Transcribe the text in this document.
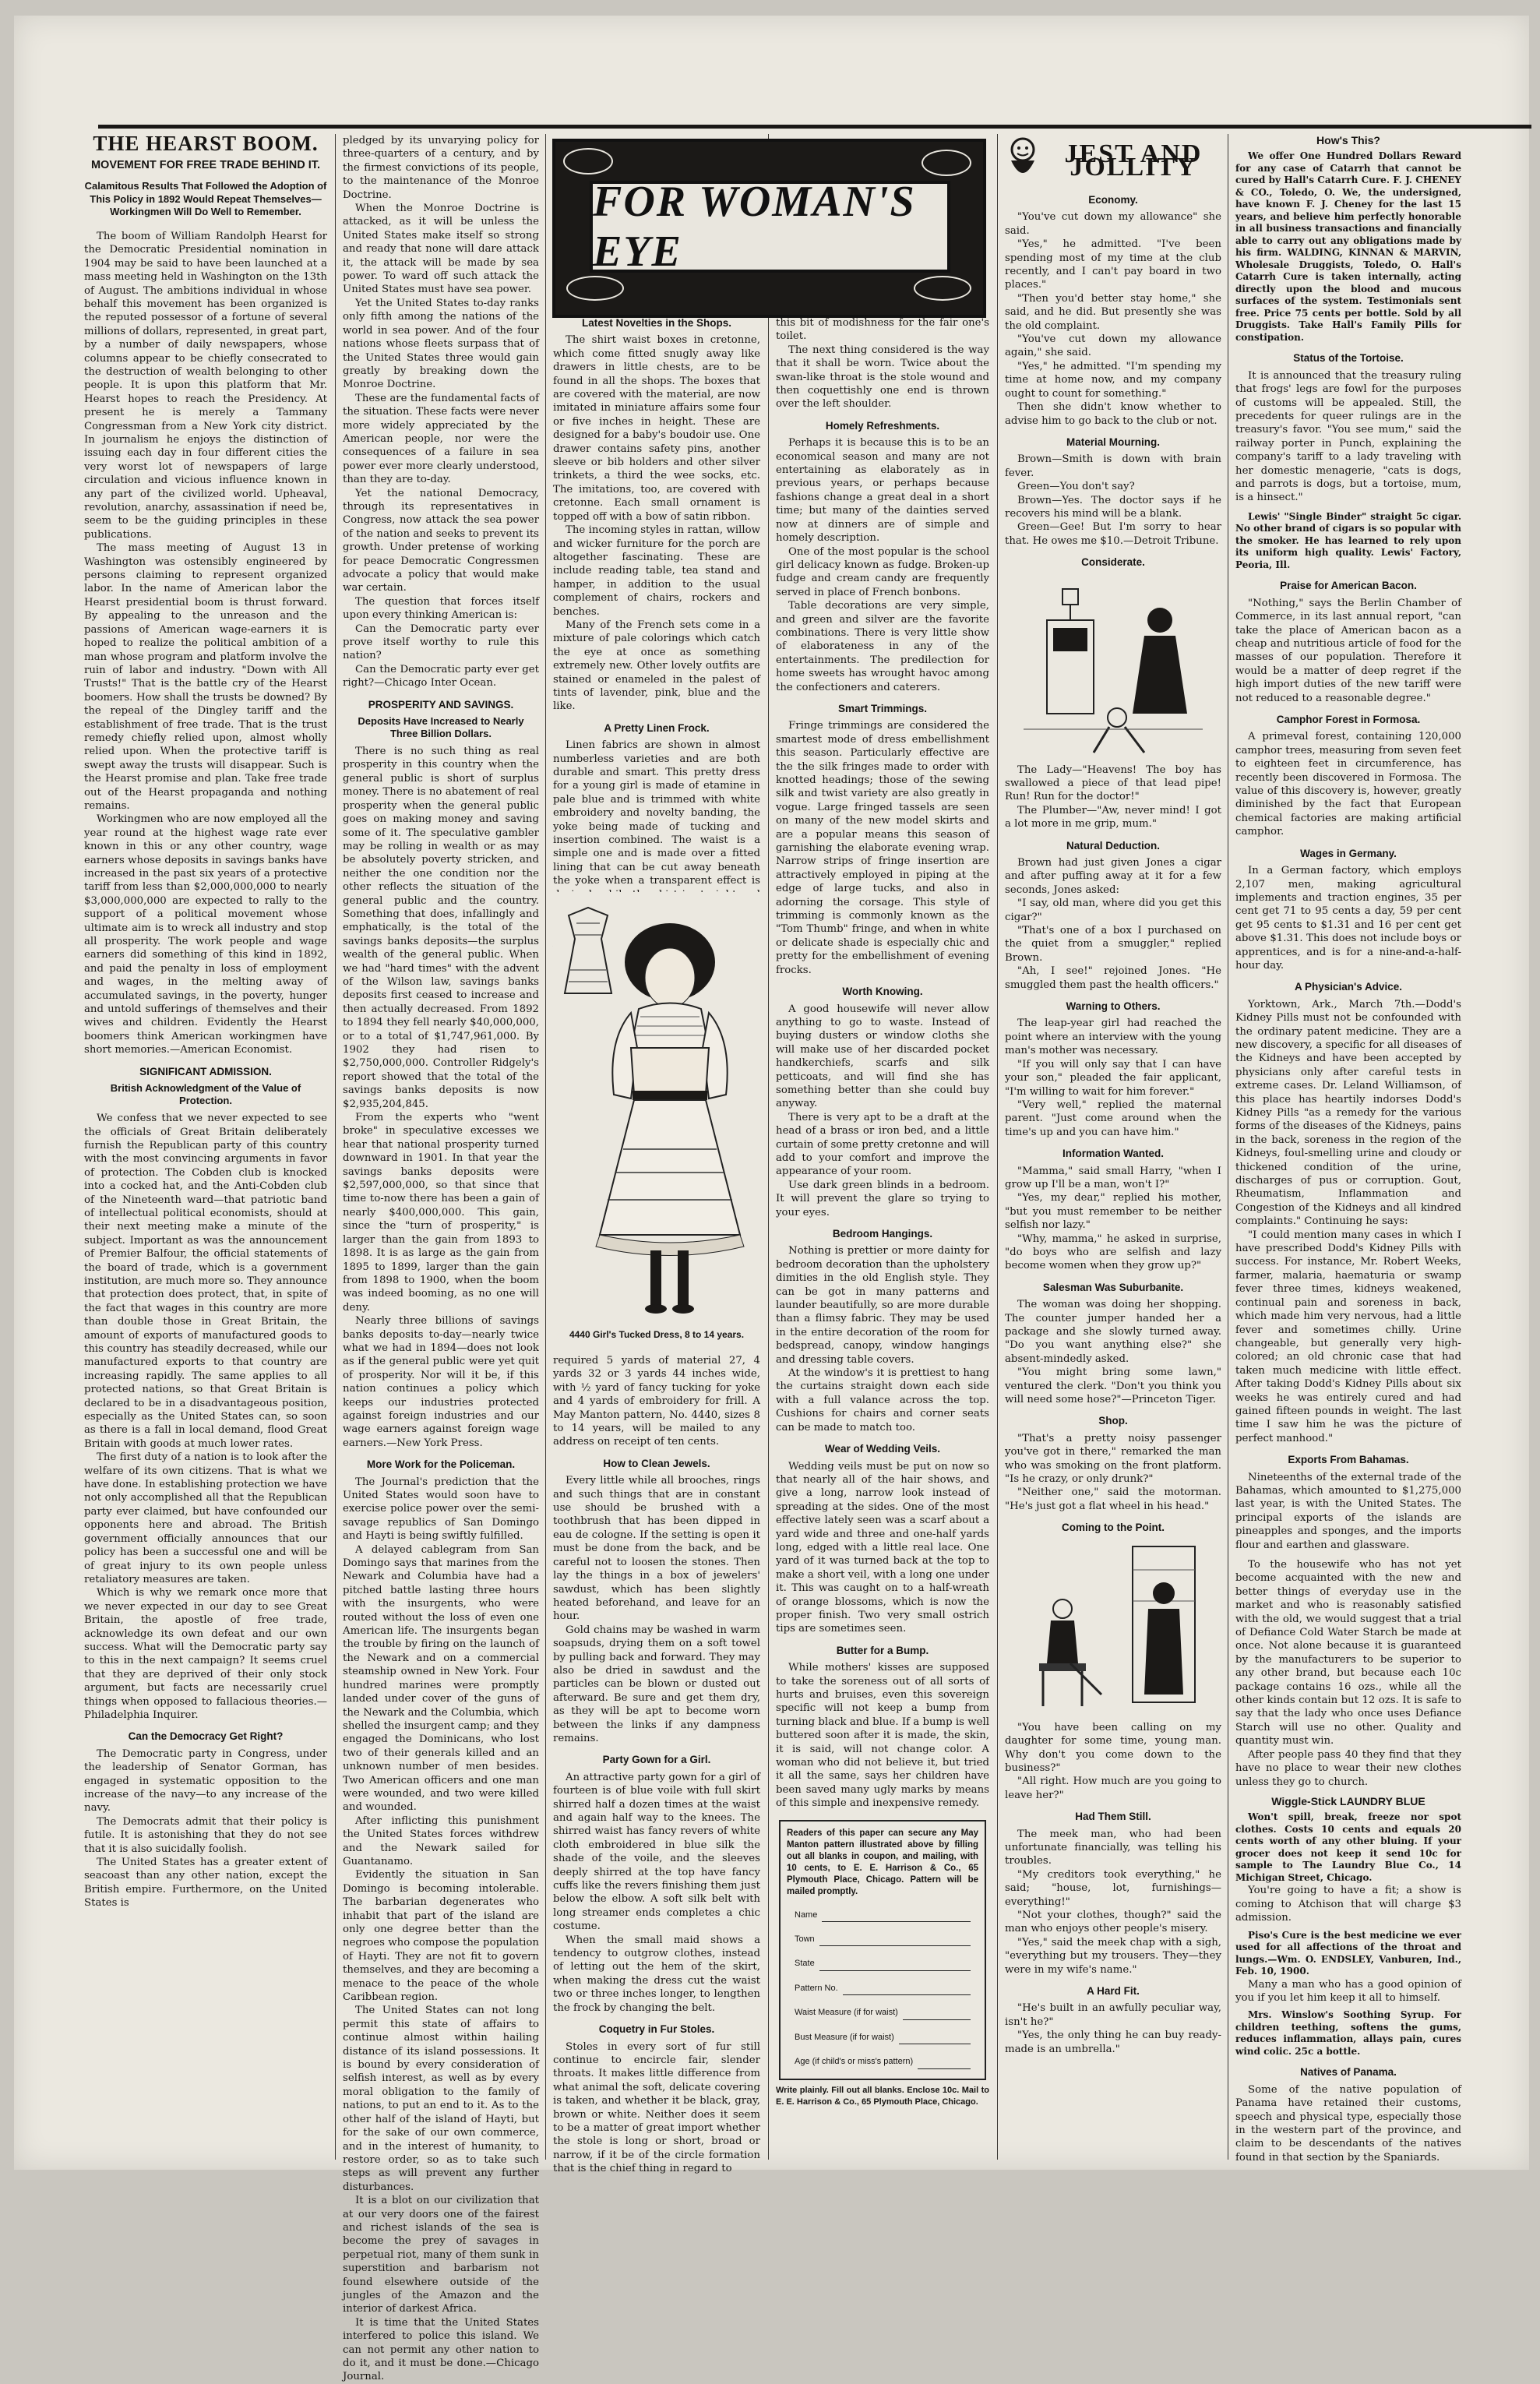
THE HEARST BOOM.
MOVEMENT FOR FREE TRADE BEHIND IT.
Calamitous Results That Followed the Adoption of This Policy in 1892 Would Repeat Themselves—Workingmen Will Do Well to Remember.

The boom of William Randolph Hearst for the Democratic Presidential nomination in 1904 may be said to have been launched at a mass meeting held in Washington on the 13th of August. The ambitions individual in whose behalf this movement has been organized is the reputed possessor of a fortune of several millions of dollars, represented, in great part, by a number of daily newspapers, whose columns appear to be chiefly consecrated to the destruction of wealth belonging to other people. It is upon this platform that Mr. Hearst hopes to reach the Presidency. At present he is merely a Tammany Congressman from a New York city district. In journalism he enjoys the distinction of issuing each day in four different cities the very worst lot of newspapers of large circulation and vicious influence known in any part of the civilized world. Upheaval, revolution, anarchy, assassination if need be, seem to be the guiding principles in these publications.

The mass meeting of August 13 in Washington was ostensibly engineered by persons claiming to represent organized labor. In the name of American labor the Hearst presidential boom is thrust forward. By appealing to the unreason and the passions of American wage-earners it is hoped to realize the political ambition of a man whose program and platform involve the ruin of labor and industry. "Down with All Trusts!" That is the battle cry of the Hearst boomers. How shall the trusts be downed? By the repeal of the Dingley tariff and the establishment of free trade. That is the trust remedy chiefly relied upon, almost wholly relied upon. When the protective tariff is swept away the trusts will disappear. Such is the Hearst promise and plan. Take free trade out of the Hearst propaganda and nothing remains.

Workingmen who are now employed all the year round at the highest wage rate ever known in this or any other country, wage earners whose deposits in savings banks have increased in the past six years of a protective tariff from less than $2,000,000,000 to nearly $3,000,000,000 are expected to rally to the support of a political movement whose ultimate aim is to wreck all industry and stop all prosperity. The work people and wage earners did something of this kind in 1892, and paid the penalty in loss of employment and wages, in the melting away of accumulated savings, in the poverty, hunger and untold sufferings of themselves and their wives and children. Evidently the Hearst boomers think American workingmen have short memories.—American Economist.

SIGNIFICANT ADMISSION.
British Acknowledgment of the Value of Protection.

We confess that we never expected to see the officials of Great Britain deliberately furnish the Republican party of this country with the most convincing arguments in favor of protection. The Cobden club is knocked into a cocked hat, and the Anti-Cobden club of the Nineteenth ward—that patriotic band of intellectual political economists, should at their next meeting make a minute of the subject. Important as was the announcement of Premier Balfour, the official statements of the board of trade, which is a government institution, are much more so. They announce that protection does protect, that, in spite of the fact that wages in this country are more than double those in Great Britain, the amount of exports of manufactured goods to this country has steadily decreased, while our manufactured exports to that country are increasing rapidly. The same applies to all protected nations, so that Great Britain is declared to be in a disadvantageous position, especially as the United States can, so soon as there is a fall in local demand, flood Great Britain with goods at much lower rates.

The first duty of a nation is to look after the welfare of its own citizens. That is what we have done. In establishing protection we have not only accomplished all that the Republican party ever claimed, but have confounded our opponents here and abroad. The British government officially announces that our policy has been a successful one and will be of great injury to its own people unless retaliatory measures are taken.

Which is why we remark once more that we never expected in our day to see Great Britain, the apostle of free trade, acknowledge its own defeat and our own success. What will the Democratic party say to this in the next campaign? It seems cruel that they are deprived of their only stock argument, but facts are necessarily cruel things when opposed to fallacious theories.—Philadelphia Inquirer.

Can the Democracy Get Right?

The Democratic party in Congress, under the leadership of Senator Gorman, has engaged in systematic opposition to the increase of the navy—to any increase of the navy.

The Democrats admit that their policy is futile. It is astonishing that they do not see that it is also suicidally foolish.

The United States has a greater extent of seacoast than any other nation, except the British empire. Furthermore, on the United States is

pledged by its unvarying policy for three-quarters of a century, and by the firmest convictions of its people, to the maintenance of the Monroe Doctrine.

When the Monroe Doctrine is attacked, as it will be unless the United States make itself so strong and ready that none will dare attack it, the attack will be made by sea power. To ward off such attack the United States must have sea power.

Yet the United States to-day ranks only fifth among the nations of the world in sea power. And of the four nations whose fleets surpass that of the United States three would gain greatly by breaking down the Monroe Doctrine.

These are the fundamental facts of the situation. These facts were never more widely appreciated by the American people, nor were the consequences of a failure in sea power ever more clearly understood, than they are to-day.

Yet the national Democracy, through its representatives in Congress, now attack the sea power of the nation and seeks to prevent its growth. Under pretense of working for peace Democratic Congressmen advocate a policy that would make war certain.

The question that forces itself upon every thinking American is:

Can the Democratic party ever prove itself worthy to rule this nation?

Can the Democratic party ever get right?—Chicago Inter Ocean.

PROSPERITY AND SAVINGS.
Deposits Have Increased to Nearly Three Billion Dollars.

There is no such thing as real prosperity in this country when the general public is short of surplus money. There is no abatement of real prosperity when the general public goes on making money and saving some of it. The speculative gambler may be rolling in wealth or as may be absolutely poverty stricken, and neither the one condition nor the other reflects the situation of the general public and the country. Something that does, infallingly and emphatically, is the total of the savings banks deposits—the surplus wealth of the general public. When we had "hard times" with the advent of the Wilson law, savings banks deposits first ceased to increase and then actually decreased. From 1892 to 1894 they fell nearly $40,000,000, or to a total of $1,747,961,000. By 1902 they had risen to $2,750,000,000. Controller Ridgely's report showed that the total of the savings banks deposits is now $2,935,204,845.

From the experts who "went broke" in speculative excesses we hear that national prosperity turned downward in 1901. In that year the savings banks deposits were $2,597,000,000, so that since that time to-now there has been a gain of nearly $400,000,000. This gain, since the "turn of prosperity," is larger than the gain from 1893 to 1898. It is as large as the gain from 1895 to 1899, larger than the gain from 1898 to 1900, when the boom was indeed booming, as no one will deny.

Nearly three billions of savings banks deposits to-day—nearly twice what we had in 1894—does not look as if the general public were yet quit of prosperity. Nor will it be, if this nation continues a policy which keeps our industries protected against foreign industries and our wage earners against foreign wage earners.—New York Press.

More Work for the Policeman.

The Journal's prediction that the United States would soon have to exercise police power over the semi-savage republics of San Domingo and Hayti is being swiftly fulfilled.

A delayed cablegram from San Domingo says that marines from the Newark and Columbia have had a pitched battle lasting three hours with the insurgents, who were routed without the loss of even one American life. The insurgents began the trouble by firing on the launch of the Newark and on a commercial steamship owned in New York. Four hundred marines were promptly landed under cover of the guns of the Newark and the Columbia, which shelled the insurgent camp; and they engaged the Dominicans, who lost two of their generals killed and an unknown number of men besides. Two American officers and one man were wounded, and two were killed and wounded.

After inflicting this punishment the United States forces withdrew and the Newark sailed for Guantanamo.

Evidently the situation in San Domingo is becoming intolerable. The barbarian degenerates who inhabit that part of the island are only one degree better than the negroes who compose the population of Hayti. They are not fit to govern themselves, and they are becoming a menace to the peace of the whole Caribbean region.

The United States can not long permit this state of affairs to continue almost within hailing distance of its island possessions. It is bound by every consideration of selfish interest, as well as by every moral obligation to the family of nations, to put an end to it. As to the other half of the island of Hayti, but for the sake of our own commerce, and in the interest of humanity, to restore order, so as to take such steps as will prevent any further disturbances.

It is a blot on our civilization that at our very doors one of the fairest and richest islands of the sea is become the prey of savages in perpetual riot, many of them sunk in superstition and barbarism not found elsewhere outside of the jungles of the Amazon and the interior of darkest Africa.

It is time that the United States interfered to police this island. We can not permit any other nation to do it, and it must be done.—Chicago Journal.

FOR WOMAN'S EYE
Latest Novelties in the Shops.

The shirt waist boxes in cretonne, which come fitted snugly away like drawers in little chests, are to be found in all the shops. The boxes that are covered with the material, are now imitated in miniature affairs some four or five inches in height. These are designed for a baby's boudoir use. One drawer contains safety pins, another sleeve or bib holders and other silver trinkets, a third the wee socks, etc. The imitations, too, are covered with cretonne. Each small ornament is topped off with a bow of satin ribbon.

The incoming styles in rattan, willow and wicker furniture for the porch are altogether fascinating. These are include reading table, tea stand and hamper, in addition to the usual complement of chairs, rockers and benches.

Many of the French sets come in a mixture of pale colorings which catch the eye at once as something extremely new. Other lovely outfits are stained or enameled in the palest of tints of lavender, pink, blue and the like.

A Pretty Linen Frock.

Linen fabrics are shown in almost numberless varieties and are both durable and smart. This pretty dress for a young girl is made of etamine in pale blue and is trimmed with white embroidery and novelty banding, the yoke being made of tucking and insertion combined. The waist is a simple one and is made over a fitted lining that can be cut away beneath the yoke when a transparent effect is

4440 Girl's Tucked Dress, 8 to 14 years.

required 5 yards of material 27, 4 yards 32 or 3 yards 44 inches wide, with ½ yard of fancy tucking for yoke and 4 yards of embroidery for frill. A May Manton pattern, No. 4440, sizes 8 to 14 years, will be mailed to any address on receipt of ten cents.

How to Clean Jewels.

Every little while all brooches, rings and such things that are in constant use should be brushed with a toothbrush that has been dipped in eau de cologne. If the setting is open it must be done from the back, and be careful not to loosen the stones. Then lay the things in a box of jewelers' sawdust, which has been slightly heated beforehand, and leave for an hour.

Gold chains may be washed in warm soapsuds, drying them on a soft towel by pulling back and forward. They may also be dried in sawdust and the particles can be blown or dusted out afterward. Be sure and get them dry, as they will be apt to become worn between the links if any dampness remains.

Party Gown for a Girl.

An attractive party gown for a girl of fourteen is of blue voile with full skirt shirred half a dozen times at the waist and again half way to the knees. The shirred waist has fancy revers of white cloth embroidered in blue silk the shade of the voile, and the sleeves deeply shirred at the top have fancy cuffs like the revers finishing them just below the elbow. A soft silk belt with long streamer ends completes a chic costume.

When the small maid shows a tendency to outgrow clothes, instead of letting out the hem of the skirt, when making the dress cut the waist two or three inches longer, to lengthen the frock by changing the belt.

Coquetry in Fur Stoles.

Stoles in every sort of fur still continue to encircle fair, slender throats. It makes little difference from what animal the soft, delicate covering is taken, and whether it be black, gray, brown or white. Neither does it seem to be a matter of great import whether the stole is long or short, broad or narrow, if it be of the circle formation that is the chief thing in regard to

this bit of modishness for the fair one's toilet.

The next thing considered is the way that it shall be worn. Twice about the swan-like throat is the stole wound and then coquettishly one end is thrown over the left shoulder.

Homely Refreshments.

Perhaps it is because this is to be an economical season and many are not entertaining as elaborately as in previous years, or perhaps because fashions change a great deal in a short time; but many of the dainties served now at dinners are of simple and homely description.

One of the most popular is the school girl delicacy known as fudge. Broken-up fudge and cream candy are frequently served in place of French bonbons.

Table decorations are very simple, and green and silver are the favorite combinations. There is very little show of elaborateness in any of the entertainments. The predilection for home sweets has wrought havoc among the confectioners and caterers.

Smart Trimmings.

Fringe trimmings are considered the smartest mode of dress embellishment this season. Particularly effective are the the silk fringes made to order with knotted headings; those of the sewing silk and twist variety are also greatly in vogue. Large fringed tassels are seen on many of the new model skirts and are a popular means this season of garnishing the elaborate evening wrap. Narrow strips of fringe insertion are attractively employed in piping at the edge of large tucks, and also in adorning the corsage. This style of trimming is commonly known as the "Tom Thumb" fringe, and when in white or delicate shade is especially chic and pretty for the embellishment of evening frocks.

Worth Knowing.

A good housewife will never allow anything to go to waste. Instead of buying dusters or window cloths she will make use of her discarded pocket handkerchiefs, scarfs and silk petticoats, and will find she has something better than she could buy anyway.

There is very apt to be a draft at the head of a brass or iron bed, and a little curtain of some pretty cretonne and will add to your comfort and improve the appearance of your room.

Use dark green blinds in a bedroom. It will prevent the glare so trying to your eyes.

Bedroom Hangings.

Nothing is prettier or more dainty for bedroom decoration than the upholstery dimities in the old English style. They can be got in many patterns and launder beautifully, so are more durable than a flimsy fabric. They may be used in the entire decoration of the room for bedspread, canopy, window hangings and dressing table covers.

At the window's it is prettiest to hang the curtains straight down each side with a full valance across the top. Cushions for chairs and corner seats can be made to match too.

Wear of Wedding Veils.

Wedding veils must be put on now so that nearly all of the hair shows, and give a long, narrow look instead of spreading at the sides. One of the most effective lately seen was a scarf about a yard wide and three and one-half yards long, edged with a little real lace. One yard of it was turned back at the top to make a short veil, with a long one under it. This was caught on to a half-wreath of orange blossoms, which is now the proper finish. Two very small ostrich tips are sometimes seen.

Butter for a Bump.

While mothers' kisses are supposed to take the soreness out of all sorts of hurts and bruises, even this sovereign specific will not keep a bump from turning black and blue. If a bump is well buttered soon after it is made, the skin, it is said, will not change color. A woman who did not believe it, but tried it all the same, says her children have been saved many ugly marks by means of this simple and inexpensive remedy.

Readers of this paper can secure any May Manton pattern illustrated above by filling out all blanks in coupon, and mailing, with 10 cents, to E. E. Harrison & Co., 65 Plymouth Place, Chicago. Pattern will be mailed promptly.
Name
Town
State
Pattern No.
Waist Measure (if for waist)
Bust Measure (if for waist)
Age (if child's or miss's pattern)
Write plainly. Fill out all blanks. Enclose 10c. Mail to E. E. Harrison & Co., 65 Plymouth Place, Chicago.
JEST AND JOLLITY
Economy.

"You've cut down my allowance" she said.

"Yes," he admitted. "I've been spending most of my time at the club recently, and I can't pay board in two places."

"Then you'd better stay home," she said, and he did. But presently she was the old complaint.

"You've cut down my allowance again," she said.

"Yes," he admitted. "I'm spending my time at home now, and my company ought to count for something."

Then she didn't know whether to advise him to go back to the club or not.

Material Mourning.

Brown—Smith is down with brain fever.

Green—You don't say?

Brown—Yes. The doctor says if he recovers his mind will be a blank.

Green—Gee! But I'm sorry to hear that. He owes me $10.—Detroit Tribune.

Considerate.

The Lady—"Heavens! The boy has swallowed a piece of that lead pipe! Run! Run for the doctor!"

The Plumber—"Aw, never mind! I got a lot more in me grip, mum."

Natural Deduction.

Brown had just given Jones a cigar and after puffing away at it for a few seconds, Jones asked:

"I say, old man, where did you get this cigar?"

"That's one of a box I purchased on the quiet from a smuggler," replied Brown.

"Ah, I see!" rejoined Jones. "He smuggled them past the health officers."

Warning to Others.

The leap-year girl had reached the point where an interview with the young man's mother was necessary.

"If you will only say that I can have your son," pleaded the fair applicant, "I'm willing to wait for him forever."

"Very well," replied the maternal parent. "Just come around when the time's up and you can have him."

Information Wanted.

"Mamma," said small Harry, "when I grow up I'll be a man, won't I?"

"Yes, my dear," replied his mother, "but you must remember to be neither selfish nor lazy."

"Why, mamma," he asked in surprise, "do boys who are selfish and lazy become women when they grow up?"

Salesman Was Suburbanite.

The woman was doing her shopping. The counter jumper handed her a package and she slowly turned away. "Do you want anything else?" she absent-mindedly asked.

"You might bring some lawn," ventured the clerk. "Don't you think you will need some hose?"—Princeton Tiger.

Shop.

"That's a pretty noisy passenger you've got in there," remarked the man who was smoking on the front platform. "Is he crazy, or only drunk?"

"Neither one," said the motorman. "He's just got a flat wheel in his head."

Coming to the Point.

"You have been calling on my daughter for some time, young man. Why don't you come down to the business?"

"All right. How much are you going to leave her?"

Had Them Still.

The meek man, who had been unfortunate financially, was telling his troubles.

"My creditors took everything," he said; "house, lot, furnishings—everything!"

"Not your clothes, though?" said the man who enjoys other people's misery.

"Yes," said the meek chap with a sigh, "everything but my trousers. They—they were in my wife's name."

A Hard Fit.

"He's built in an awfully peculiar way, isn't he?"

"Yes, the only thing he can buy ready-made is an umbrella."

How's This?

We offer One Hundred Dollars Reward for any case of Catarrh that cannot be cured by Hall's Catarrh Cure. F. J. CHENEY & CO., Toledo, O. We, the undersigned, have known F. J. Cheney for the last 15 years, and believe him perfectly honorable in all business transactions and financially able to carry out any obligations made by his firm. WALDING, KINNAN & MARVIN, Wholesale Druggists, Toledo, O. Hall's Catarrh Cure is taken internally, acting directly upon the blood and mucous surfaces of the system. Testimonials sent free. Price 75 cents per bottle. Sold by all Druggists. Take Hall's Family Pills for constipation.

Status of the Tortoise.

It is announced that the treasury ruling that frogs' legs are fowl for the purposes of customs will be appealed. Still, the precedents for queer rulings are in the treasury's favor. "You see mum," said the railway porter in Punch, explaining the company's tariff to a lady traveling with her domestic menagerie, "cats is dogs, and parrots is dogs, but a tortoise, mum, is a hinsect."

Lewis' "Single Binder" straight 5c cigar. No other brand of cigars is so popular with the smoker. He has learned to rely upon its uniform high quality. Lewis' Factory, Peoria, Ill.

Praise for American Bacon.

"Nothing," says the Berlin Chamber of Commerce, in its last annual report, "can take the place of American bacon as a cheap and nutritious article of food for the masses of our population. Therefore it would be a matter of deep regret if the high import duties of the new tariff were not reduced to a reasonable degree."

Camphor Forest in Formosa.

A primeval forest, containing 120,000 camphor trees, measuring from seven feet to eighteen feet in circumference, has recently been discovered in Formosa. The value of this discovery is, however, greatly diminished by the fact that European chemical factories are making artificial camphor.

Wages in Germany.

In a German factory, which employs 2,107 men, making agricultural implements and traction engines, 35 per cent get 71 to 95 cents a day, 59 per cent get 95 cents to $1.31 and 16 per cent get above $1.31. This does not include boys or apprentices, and is for a nine-and-a-half-hour day.

A Physician's Advice.

Yorktown, Ark., March 7th.—Dodd's Kidney Pills must not be confounded with the ordinary patent medicine. They are a new discovery, a specific for all diseases of the Kidneys and have been accepted by physicians only after careful tests in extreme cases. Dr. Leland Williamson, of this place has heartily indorses Dodd's Kidney Pills "as a remedy for the various forms of the diseases of the Kidneys, pains in the back, soreness in the region of the Kidneys, foul-smelling urine and cloudy or thickened condition of the urine, discharges of pus or corruption. Gout, Rheumatism, Inflammation and Congestion of the Kidneys and all kindred complaints." Continuing he says:

"I could mention many cases in which I have prescribed Dodd's Kidney Pills with success. For instance, Mr. Robert Weeks, farmer, malaria, haematuria or swamp fever three times, kidneys weakened, continual pain and soreness in back, which made him very nervous, had a little fever and sometimes chilly. Urine changeable, but generally very high-colored; an old chronic case that had taken much medicine with little effect. After taking Dodd's Kidney Pills about six weeks he was entirely cured and had gained fifteen pounds in weight. The last time I saw him he was the picture of perfect manhood."

Exports From Bahamas.

Nineteenths of the external trade of the Bahamas, which amounted to $1,275,000 last year, is with the United States. The principal exports of the islands are pineapples and sponges, and the imports flour and earthen and glassware.

To the housewife who has not yet become acquainted with the new and better things of everyday use in the market and who is reasonably satisfied with the old, we would suggest that a trial of Defiance Cold Water Starch be made at once. Not alone because it is guaranteed by the manufacturers to be superior to any other brand, but because each 10c package contains 16 ozs., while all the other kinds contain but 12 ozs. It is safe to say that the lady who once uses Defiance Starch will use no other. Quality and quantity must win.

After people pass 40 they find that they have no place to wear their new clothes unless they go to church.

Wiggle-Stick LAUNDRY BLUE

Won't spill, break, freeze nor spot clothes. Costs 10 cents and equals 20 cents worth of any other bluing. If your grocer does not keep it send 10c for sample to The Laundry Blue Co., 14 Michigan Street, Chicago.

You're going to have a fit; a show is coming to Atchison that will charge $3 admission.

Piso's Cure is the best medicine we ever used for all affections of the throat and lungs.—Wm. O. ENDSLEY, Vanburen, Ind., Feb. 10, 1900.

Many a man who has a good opinion of you if you let him keep it all to himself.

Mrs. Winslow's Soothing Syrup. For children teething, softens the gums, reduces inflammation, allays pain, cures wind colic. 25c a bottle.

Natives of Panama.

Some of the native population of Panama have retained their customs, speech and physical type, especially those in the western part of the province, and claim to be descendants of the natives found in that section by the Spaniards.
